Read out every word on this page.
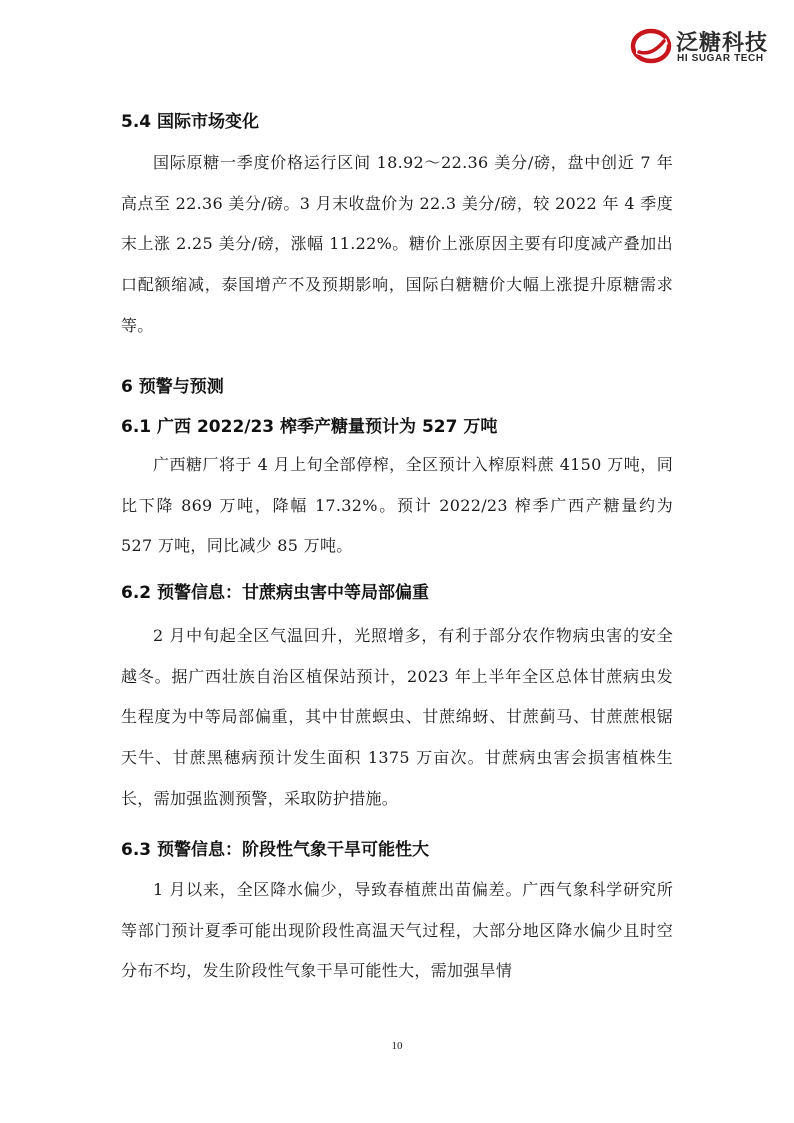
泛糖科技
HI SUGAR TECH
5.4 国际市场变化
国际原糖一季度价格运行区间 18.92～22.36 美分/磅，盘中创近 7 年高点至 22.36 美分/磅。3 月末收盘价为 22.3 美分/磅，较 2022 年 4 季度末上涨 2.25 美分/磅，涨幅 11.22%。糖价上涨原因主要有印度减产叠加出口配额缩减，泰国增产不及预期影响，国际白糖糖价大幅上涨提升原糖需求等。
6 预警与预测
6.1 广西 2022/23 榨季产糖量预计为 527 万吨
广西糖厂将于 4 月上旬全部停榨，全区预计入榨原料蔗 4150 万吨，同比下降 869 万吨，降幅 17.32%。预计 2022/23 榨季广西产糖量约为 527 万吨，同比减少 85 万吨。
6.2 预警信息：甘蔗病虫害中等局部偏重
2 月中旬起全区气温回升，光照增多，有利于部分农作物病虫害的安全越冬。据广西壮族自治区植保站预计，2023 年上半年全区总体甘蔗病虫发生程度为中等局部偏重，其中甘蔗螟虫、甘蔗绵蚜、甘蔗蓟马、甘蔗蔗根锯天牛、甘蔗黑穗病预计发生面积 1375 万亩次。甘蔗病虫害会损害植株生长，需加强监测预警，采取防护措施。
6.3 预警信息：阶段性气象干旱可能性大
1 月以来，全区降水偏少，导致春植蔗出苗偏差。广西气象科学研究所等部门预计夏季可能出现阶段性高温天气过程，大部分地区降水偏少且时空分布不均，发生阶段性气象干旱可能性大，需加强旱情
10
